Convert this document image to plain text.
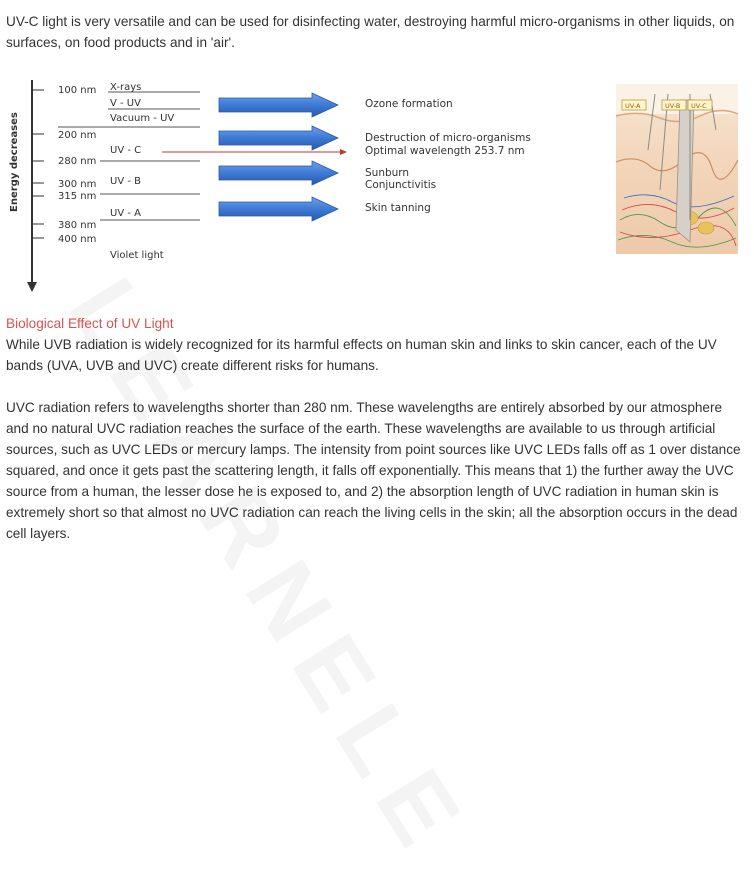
UV-C light is very versatile and can be used for disinfecting water, destroying harmful micro-organisms in other liquids, on surfaces, on food products and in 'air'.

Energy decreases
100 nm
200 nm
280 nm
300 nm
315 nm
380 nm
400 nm
X-rays
V - UV
Vacuum - UV
UV - C
UV - B
UV - A
Violet light
Ozone formation
Destruction of micro-organisms
Optimal wavelength 253.7 nm
Sunburn
Conjunctivitis
Skin tanning
UV-A	UV-B UV-C

Biological Effect of UV Light

While UVB radiation is widely recognized for its harmful effects on human skin and links to skin cancer, each of the UV bands (UVA, UVB and UVC) create different risks for humans.

UVC radiation refers to wavelengths shorter than 280 nm. These wavelengths are entirely absorbed by our atmosphere and no natural UVC radiation reaches the surface of the earth. These wavelengths are available to us through artificial sources, such as UVC LEDs or mercury lamps. The intensity from point sources like UVC LEDs falls off as 1 over distance squared, and once it gets past the scattering length, it falls off exponentially. This means that 1) the further away the UVC source from a human, the lesser dose he is exposed to, and 2) the absorption length of UVC radiation in human skin is extremely short so that almost no UVC radiation can reach the living cells in the skin; all the absorption occurs in the dead cell layers.
